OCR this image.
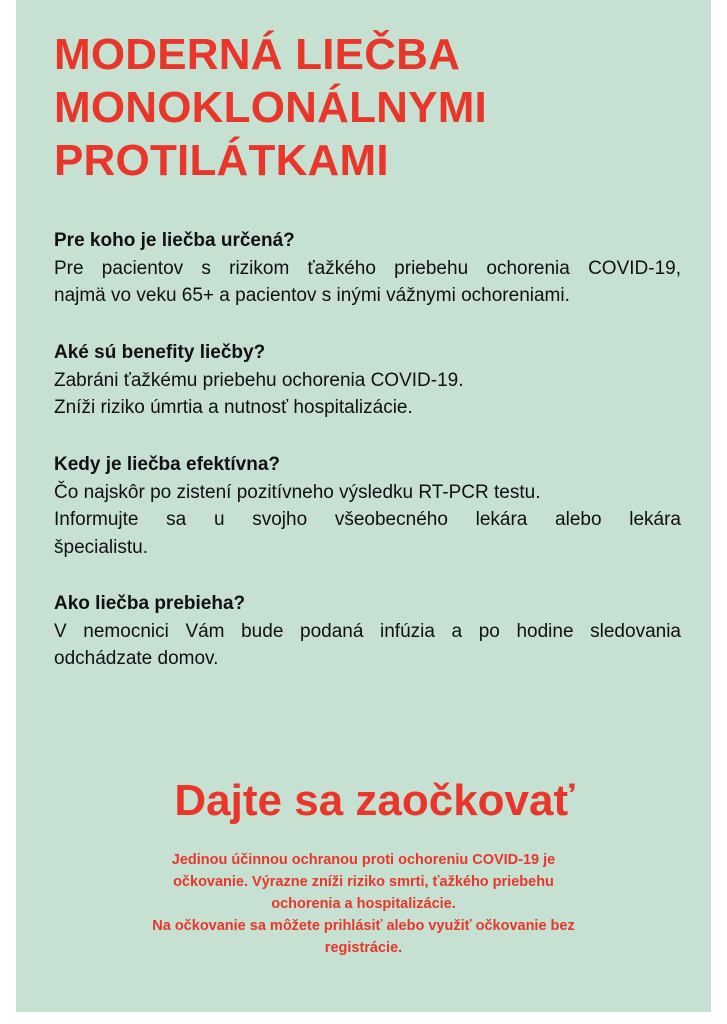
MODERNÁ LIEČBA
MONOKLONÁLNYMI
PROTILÁTKAMI

Pre koho je liečba určená?

Pre pacientov s rizikom ťažkého priebehu ochorenia COVID-19,
najmä vo veku 65+ a pacientov s inými vážnymi ochoreniami.

Aké sú benefity liečby?

Zabráni ťažkému priebehu ochorenia COVID-19.
Zníži riziko úmrtia a nutnosť hospitalizácie.

Kedy je liečba efektívna?

Čo najskôr po zistení pozitívneho výsledku RT-PCR testu.
Informujte sa u svojho všeobecného lekára alebo lekára
špecialistu.

Ako liečba prebieha?

V nemocnici Vám bude podaná infúzia a po hodine sledovania
odchádzate domov.

Dajte sa zaočkovať

Jedinou účinnou ochranou proti ochoreniu COVID-19 je
očkovanie. Výrazne zníži riziko smrti, ťažkého priebehu
ochorenia a hospitalizácie.
Na očkovanie sa môžete prihlásiť alebo využiť očkovanie bez
registrácie.
